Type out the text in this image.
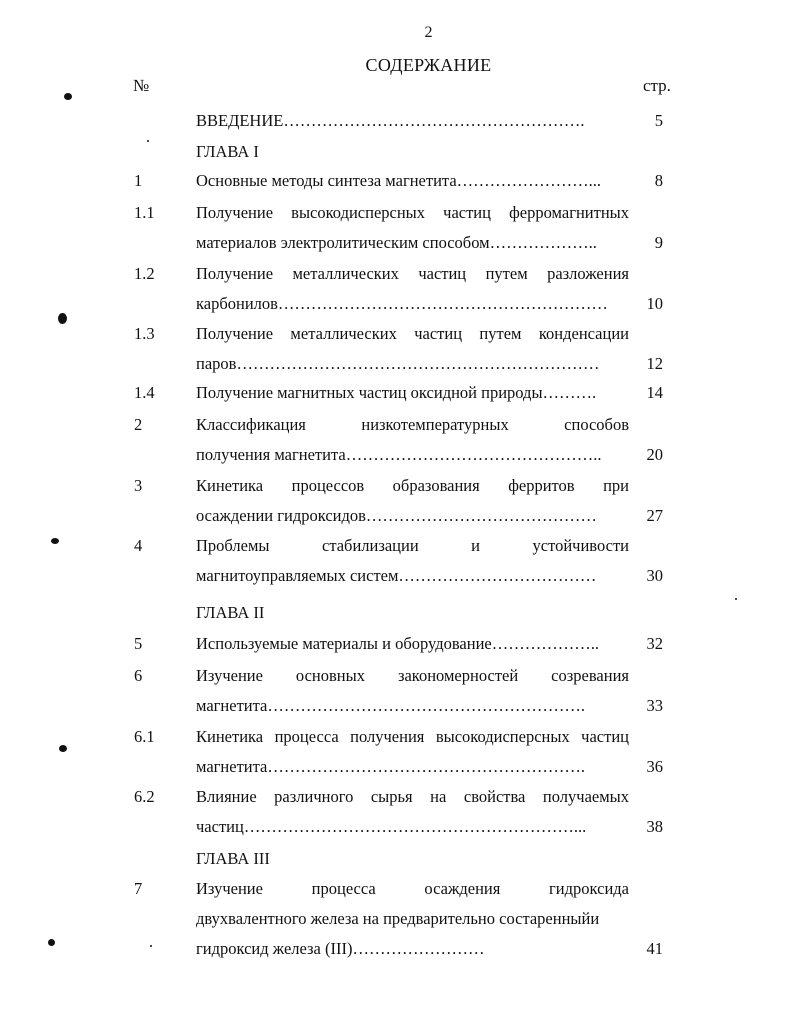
2
СОДЕРЖАНИЕ
№	стр.
ВВЕДЕНИЕ……………………………………………….	5
ГЛАВА I
1	Основные методы синтеза магнетита……………………...	8
1.1	Получение высокодисперсных частиц ферромагнитных
материалов электролитическим способом………………..	9
1.2	Получение металлических частиц путем разложения
карбонилов……………………………………………………	10
1.3	Получение металлических частиц путем конденсации
паров…………………………………………………………	12
1.4	Получение магнитных частиц оксидной природы……….	14
2	Классификация низкотемпературных способов
получения магнетита………………………………………..	20
3	Кинетика процессов образования ферритов при
осаждении гидроксидов……………………………………	27
4	Проблемы стабилизации и устойчивости
магнитоуправляемых систем………………………………	30
ГЛАВА II
5	Используемые материалы и оборудование………………..	32
6	Изучение основных закономерностей созревания
магнетита………………………………………………….	33
6.1	Кинетика процесса получения высокодисперсных частиц
магнетита………………………………………………….	36
6.2	Влияние различного сырья на свойства получаемых
частиц……………………………………………………...	38
ГЛАВА III
7	Изучение процесса осаждения гидроксида
двухвалентного железа на предварительно состаренныйи
гидроксид железа (III)……………………	41
